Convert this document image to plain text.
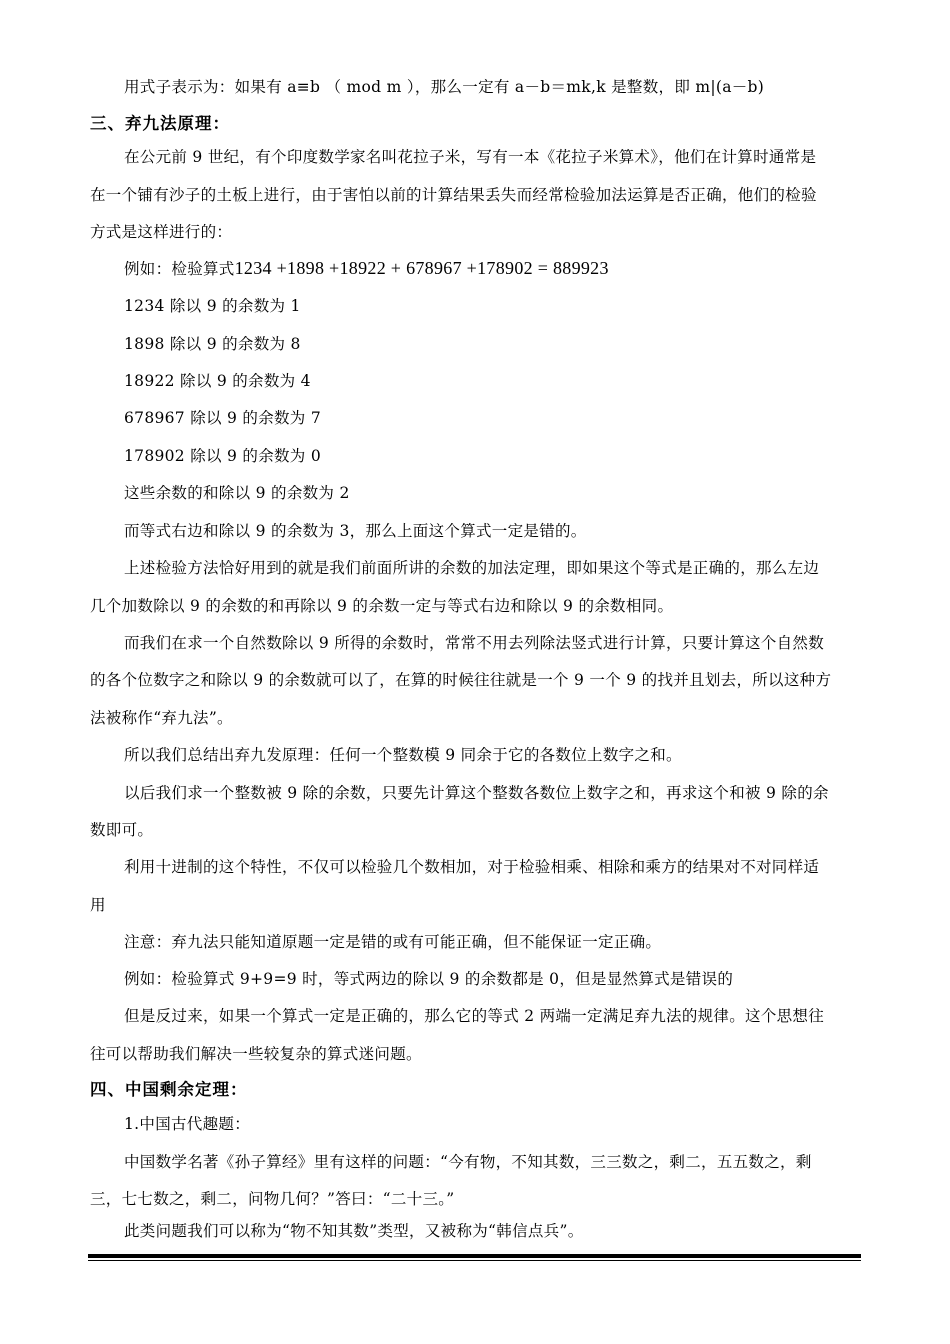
用式子表示为：如果有 a≡b （ mod m ），那么一定有 a－b＝mk,k 是整数，即 m|(a－b)
三、弃九法原理：
在公元前 9 世纪，有个印度数学家名叫花拉子米，写有一本《花拉子米算术》，他们在计算时通常是
在一个铺有沙子的土板上进行，由于害怕以前的计算结果丢失而经常检验加法运算是否正确，他们的检验
方式是这样进行的：
例如：检验算式1234 +1898 +18922 + 678967 +178902 = 889923
1234 除以 9 的余数为 1
1898 除以 9 的余数为 8
18922 除以 9 的余数为 4
678967 除以 9 的余数为 7
178902 除以 9 的余数为 0
这些余数的和除以 9 的余数为 2
而等式右边和除以 9 的余数为 3，那么上面这个算式一定是错的。
上述检验方法恰好用到的就是我们前面所讲的余数的加法定理，即如果这个等式是正确的，那么左边
几个加数除以 9 的余数的和再除以 9 的余数一定与等式右边和除以 9 的余数相同。
而我们在求一个自然数除以 9 所得的余数时，常常不用去列除法竖式进行计算，只要计算这个自然数
的各个位数字之和除以 9 的余数就可以了，在算的时候往往就是一个 9 一个 9 的找并且划去，所以这种方
法被称作“弃九法”。
所以我们总结出弃九发原理：任何一个整数模 9 同余于它的各数位上数字之和。
以后我们求一个整数被 9 除的余数，只要先计算这个整数各数位上数字之和，再求这个和被 9 除的余
数即可。
利用十进制的这个特性，不仅可以检验几个数相加，对于检验相乘、相除和乘方的结果对不对同样适
用
注意：弃九法只能知道原题一定是错的或有可能正确，但不能保证一定正确。
例如：检验算式 9+9=9 时，等式两边的除以 9 的余数都是 0，但是显然算式是错误的
但是反过来，如果一个算式一定是正确的，那么它的等式 2 两端一定满足弃九法的规律。这个思想往
往可以帮助我们解决一些较复杂的算式迷问题。
四、中国剩余定理：
1.中国古代趣题：
中国数学名著《孙子算经》里有这样的问题：“今有物，不知其数，三三数之，剩二，五五数之，剩
三，七七数之，剩二，问物几何？”答曰：“二十三。”
此类问题我们可以称为“物不知其数”类型，又被称为“韩信点兵”。
